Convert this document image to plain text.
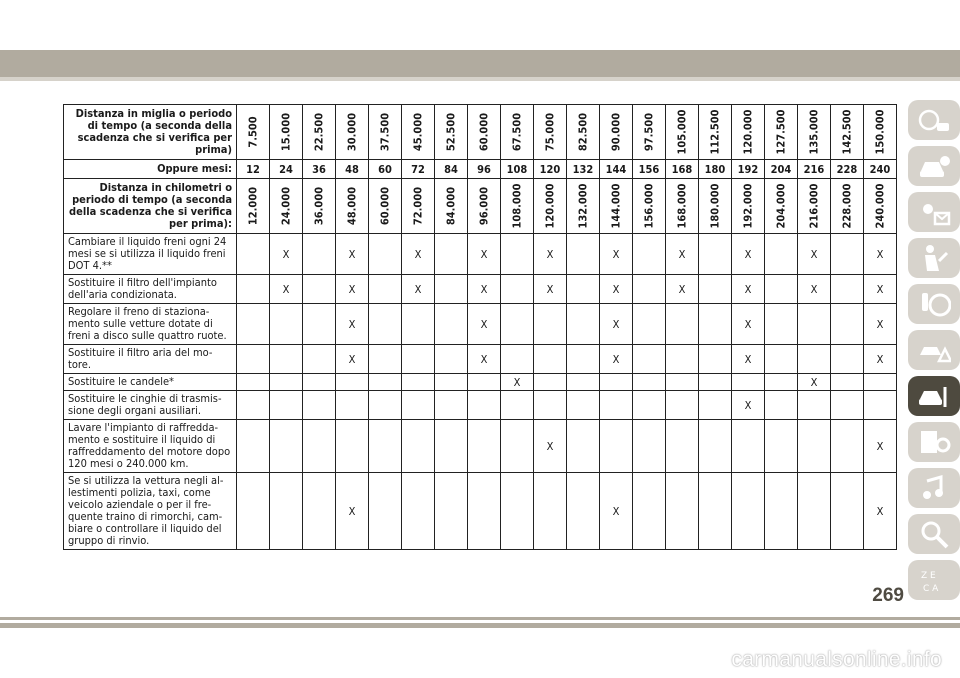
Distanza in miglia o periodo di tempo (a seconda della scadenza che si verifica per prima)	7.500	15.000	22.500	30.000	37.500	45.000	52.500	60.000	67.500	75.000	82.500	90.000	97.500	105.000	112.500	120.000	127.500	135.000	142.500	150.000

Oppure mesi:	12	24	36	48	60	72	84	96	108	120	132	144	156	168	180	192	204	216	228	240
Distanza in chilometri o periodo di tempo (a seconda della scadenza che si verifica per prima):	12.000	24.000	36.000	48.000	60.000	72.000	84.000	96.000	108.000	120.000	132.000	144.000	156.000	168.000	180.000	192.000	204.000	216.000	228.000	240.000

Cambiare il liquido freni ogni 24 mesi se si utilizza il liquido freni DOT 4.**		X		X		X		X		X		X		X		X		X		X
Sostituire il filtro dell'impianto dell'aria condizionata.		X		X		X		X		X		X		X		X		X		X
Regolare il freno di staziona-mento sulle vetture dotate di freni a disco sulle quattro ruote.				X				X				X				X				X
Sostituire il filtro aria del mo-tore.				X				X				X				X				X
Sostituire le candele*									X									X		
Sostituire le cinghie di trasmis-sione degli organi ausiliari.																X				
Lavare l'impianto di raffredda-mento e sostituire il liquido di raffreddamento del motore dopo 120 mesi o 240.000 km.										X										X
Se si utilizza la vettura negli al-lestimenti polizia, taxi, come veicolo aziendale o per il fre-quente traino di rimorchi, cam-biare o controllare il liquido del gruppo di rinvio.				X								X								X
Z E
C A
269
carmanualsonline.info
